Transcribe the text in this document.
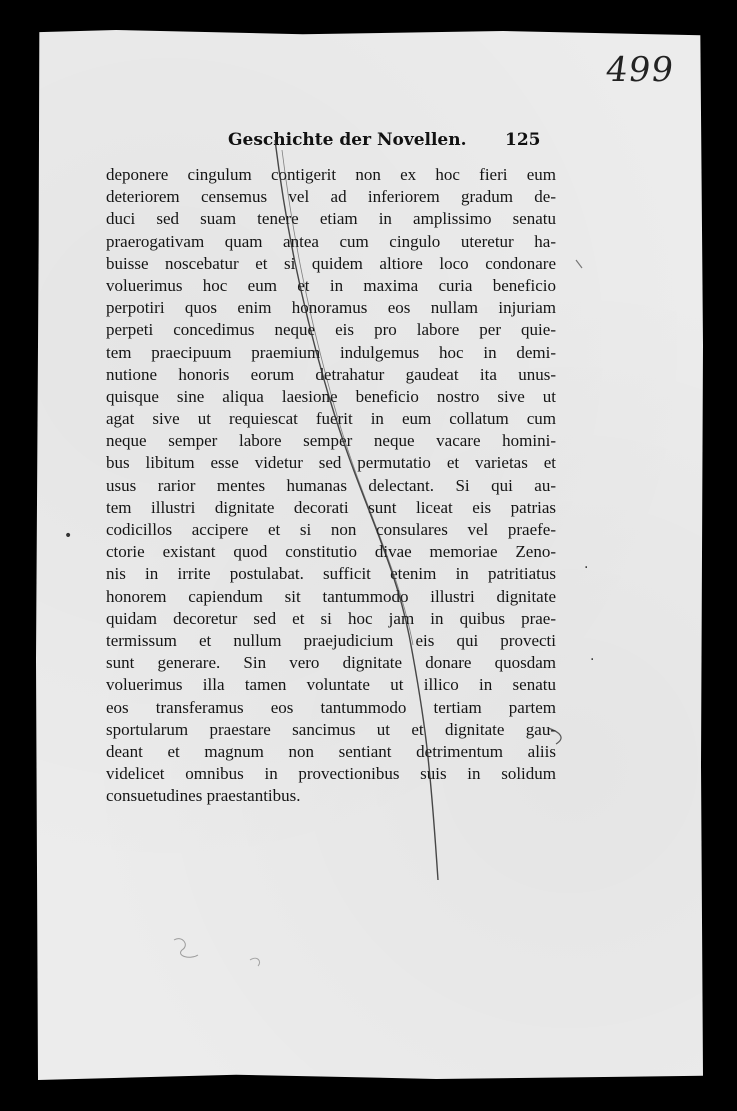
499
Geschichte der Novellen. 125
deponere cingulum contigerit non ex hoc fieri eum
deteriorem censemus vel ad inferiorem gradum de-
duci sed suam tenere etiam in amplissimo senatu
praerogativam quam antea cum cingulo uteretur ha-
buisse noscebatur et si quidem altiore loco condonare
voluerimus hoc eum et in maxima curia beneficio
perpotiri quos enim honoramus eos nullam injuriam
perpeti concedimus neque eis pro labore per quie-
tem praecipuum praemium indulgemus hoc in demi-
nutione honoris eorum detrahatur gaudeat ita unus-
quisque sine aliqua laesione beneficio nostro sive ut
agat sive ut requiescat fuerit in eum collatum cum
neque semper labore semper neque vacare homini-
bus libitum esse videtur sed permutatio et varietas et
usus rarior mentes humanas delectant. Si qui au-
tem illustri dignitate decorati sunt liceat eis patrias
codicillos accipere et si non consulares vel praefe-
ctorie existant quod constitutio divae memoriae Zeno-
nis in irrite postulabat. sufficit etenim in patritiatus
honorem capiendum sit tantummodo illustri dignitate
quidam decoretur sed et si hoc jam in quibus prae-
termissum et nullum praejudicium eis qui provecti
sunt generare. Sin vero dignitate donare quosdam
voluerimus illa tamen voluntate ut illico in senatu
eos transferamus eos tantummodo tertiam partem
sportularum praestare sancimus ut et dignitate gau-
deant et magnum non sentiant detrimentum aliis
videlicet omnibus in provectionibus suis in solidum
consuetudines praestantibus.
•
·
·
